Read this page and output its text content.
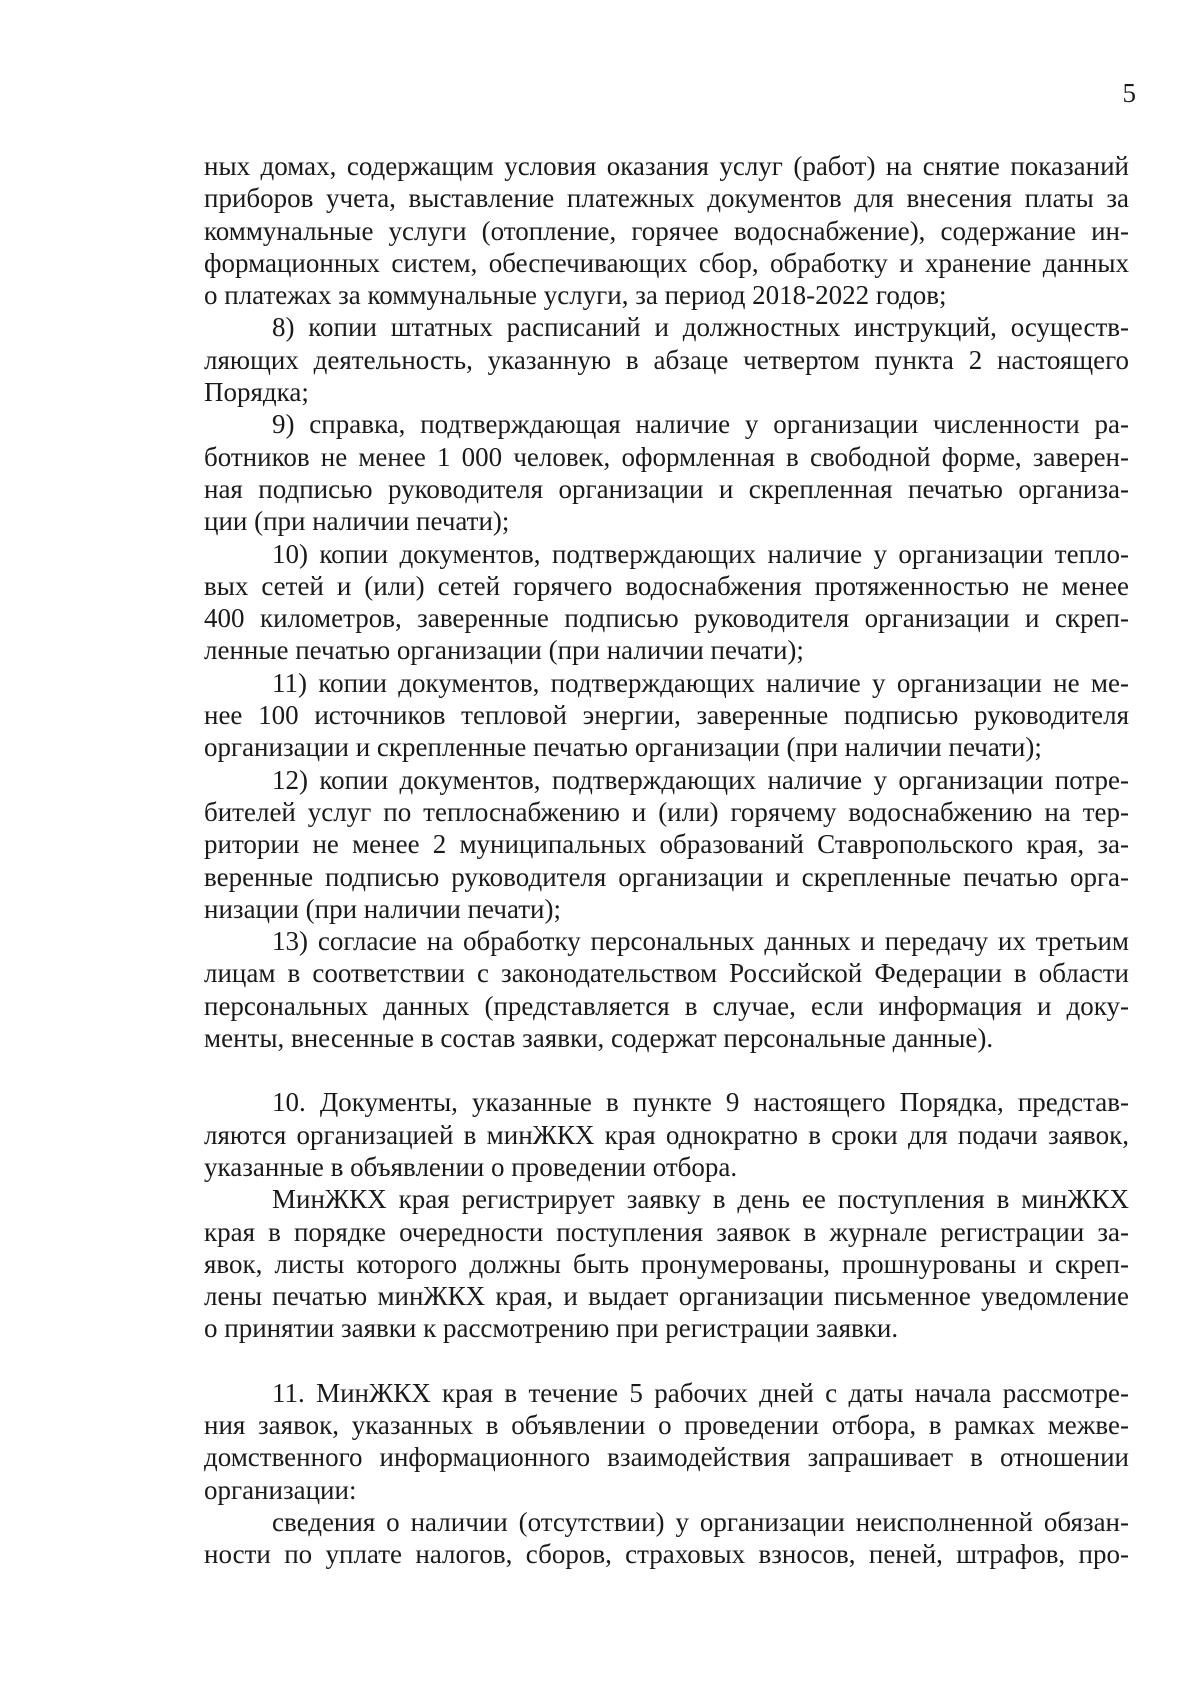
5

ных домах, содержащим условия оказания услуг (работ) на снятие показаний
приборов учета, выставление платежных документов для внесения платы за
коммунальные услуги (отопление, горячее водоснабжение), содержание ин-
формационных систем, обеспечивающих сбор, обработку и хранение данных
о платежах за коммунальные услуги, за период 2018-2022 годов;

8) копии штатных расписаний и должностных инструкций, осуществ-
ляющих деятельность, указанную в абзаце четвертом пункта 2 настоящего
Порядка;

9) справка, подтверждающая наличие у организации численности ра-
ботников не менее 1 000 человек, оформленная в свободной форме, заверен-
ная подписью руководителя организации и скрепленная печатью организа-
ции (при наличии печати);

10) копии документов, подтверждающих наличие у организации тепло-
вых сетей и (или) сетей горячего водоснабжения протяженностью не менее
400 километров, заверенные подписью руководителя организации и скреп-
ленные печатью организации (при наличии печати);

11) копии документов, подтверждающих наличие у организации не ме-
нее 100 источников тепловой энергии, заверенные подписью руководителя
организации и скрепленные печатью организации (при наличии печати);

12) копии документов, подтверждающих наличие у организации потре-
бителей услуг по теплоснабжению и (или) горячему водоснабжению на тер-
ритории не менее 2 муниципальных образований Ставропольского края, за-
веренные подписью руководителя организации и скрепленные печатью орга-
низации (при наличии печати);

13) согласие на обработку персональных данных и передачу их третьим
лицам в соответствии с законодательством Российской Федерации в области
персональных данных (представляется в случае, если информация и доку-
менты, внесенные в состав заявки, содержат персональные данные).

10. Документы, указанные в пункте 9 настоящего Порядка, представ-
ляются организацией в минЖКХ края однократно в сроки для подачи заявок,
указанные в объявлении о проведении отбора.

МинЖКХ края регистрирует заявку в день ее поступления в минЖКХ
края в порядке очередности поступления заявок в журнале регистрации за-
явок, листы которого должны быть пронумерованы, прошнурованы и скреп-
лены печатью минЖКХ края, и выдает организации письменное уведомление
о принятии заявки к рассмотрению при регистрации заявки.

11. МинЖКХ края в течение 5 рабочих дней с даты начала рассмотре-
ния заявок, указанных в объявлении о проведении отбора, в рамках межве-
домственного информационного взаимодействия запрашивает в отношении
организации:

сведения о наличии (отсутствии) у организации неисполненной обязан-
ности по уплате налогов, сборов, страховых взносов, пеней, штрафов, про-
